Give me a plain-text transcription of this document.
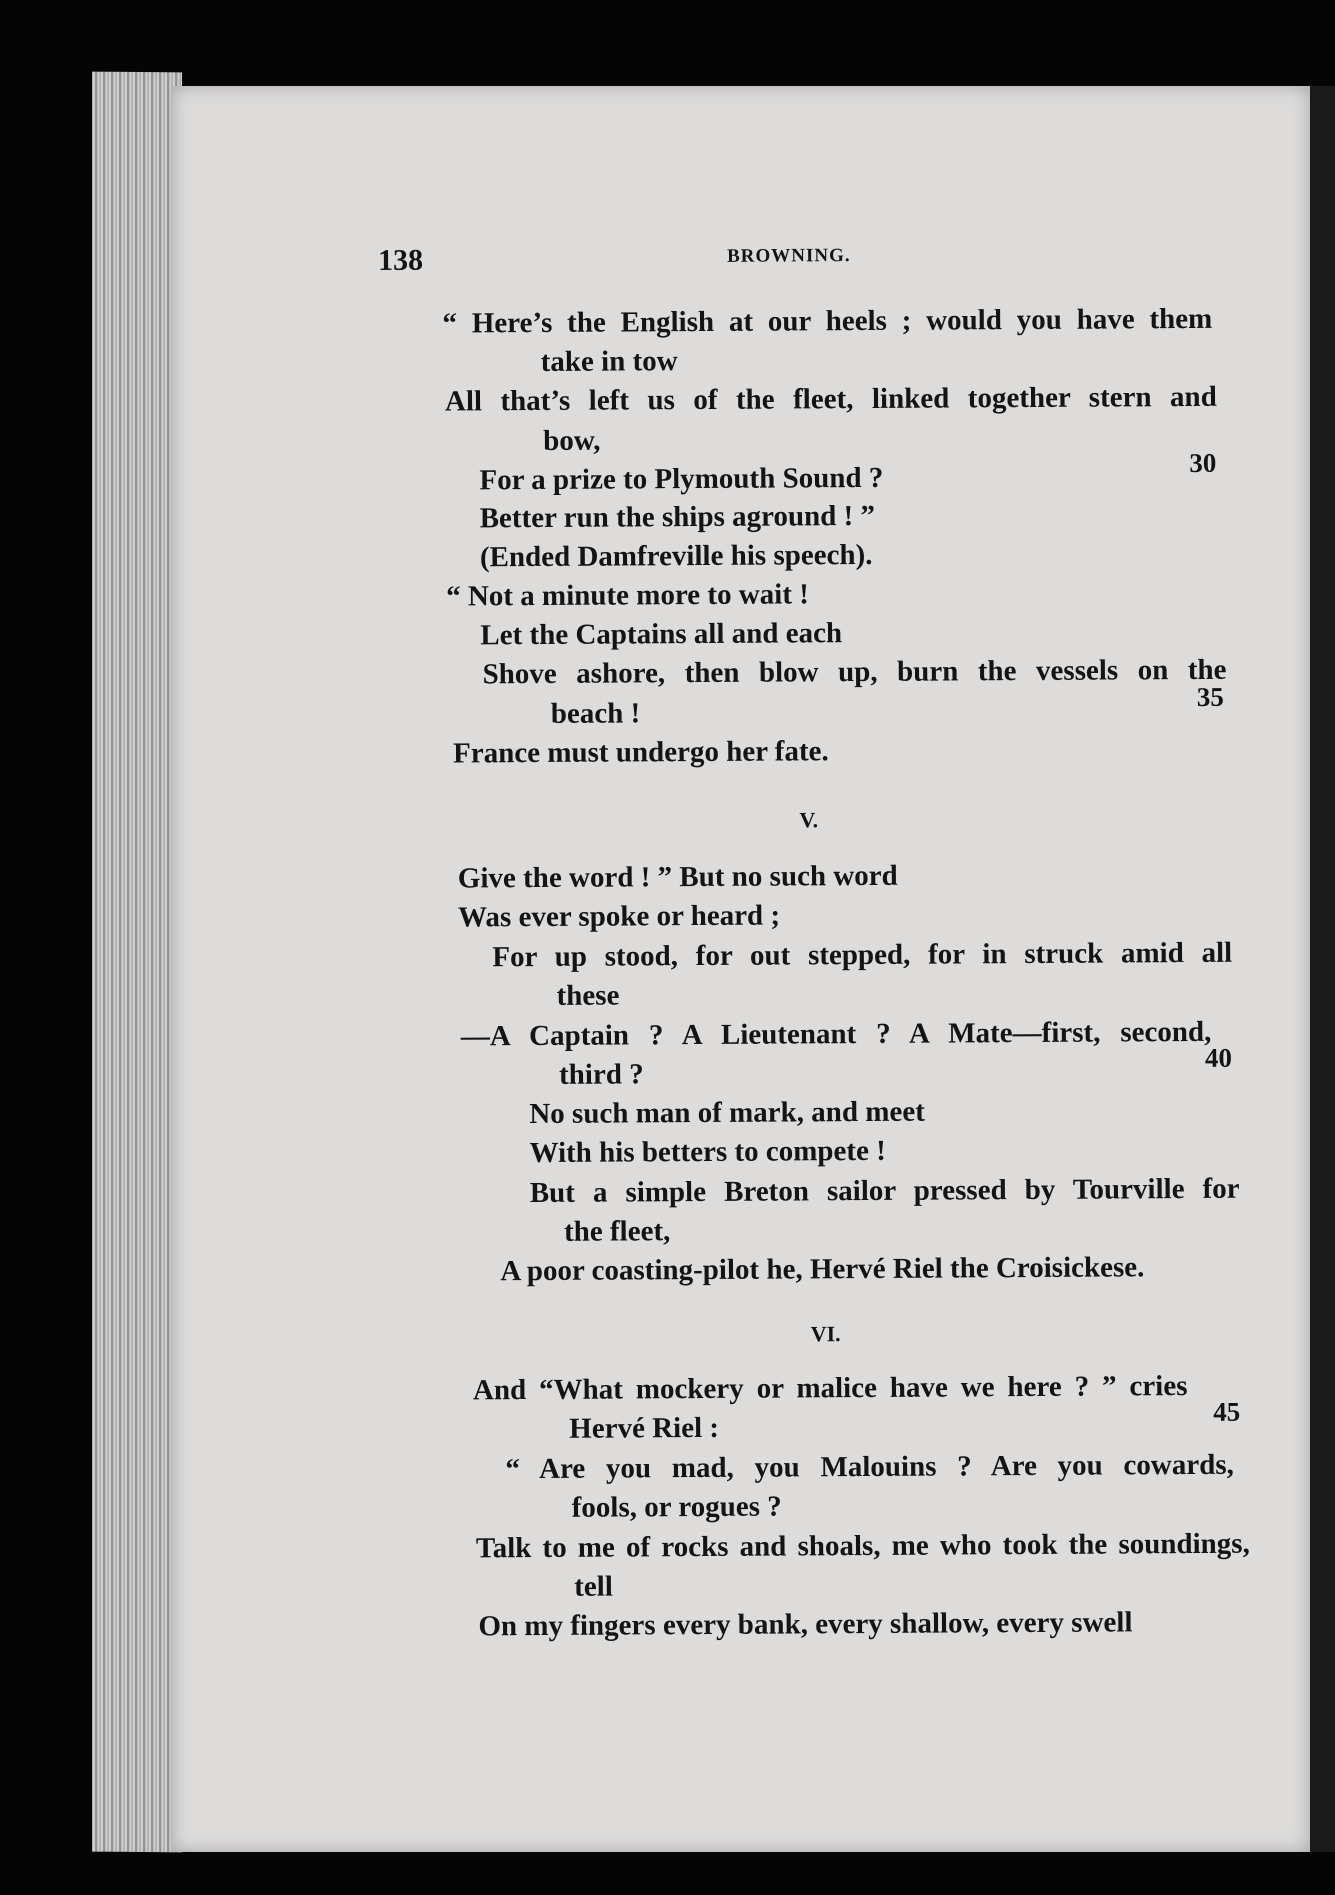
138	BROWNING.
“ Here’s the English at our heels ; would you have them
take in tow
All that’s left us of the fleet, linked together stern and
bow,
For a prize to Plymouth Sound ?	30
Better run the ships aground ! ”
(Ended Damfreville his speech).
“ Not a minute more to wait !
Let the Captains all and each
Shove ashore, then blow up, burn the vessels on the
beach !
35
France must undergo her fate.
V.
Give the word ! ” But no such word
Was ever spoke or heard ;
For up stood, for out stepped, for in struck amid all
these
—A Captain ? A Lieutenant ? A Mate—first, second,
third ?
40
No such man of mark, and meet
With his betters to compete !
But a simple Breton sailor pressed by Tourville for
the fleet,
A poor coasting-pilot he, Hervé Riel the Croisickese.
VI.
And “What mockery or malice have we here ? ” cries
Hervé Riel :
45
“ Are you mad, you Malouins ? Are you cowards,
fools, or rogues ?
Talk to me of rocks and shoals, me who took the soundings,
tell
On my fingers every bank, every shallow, every swell
